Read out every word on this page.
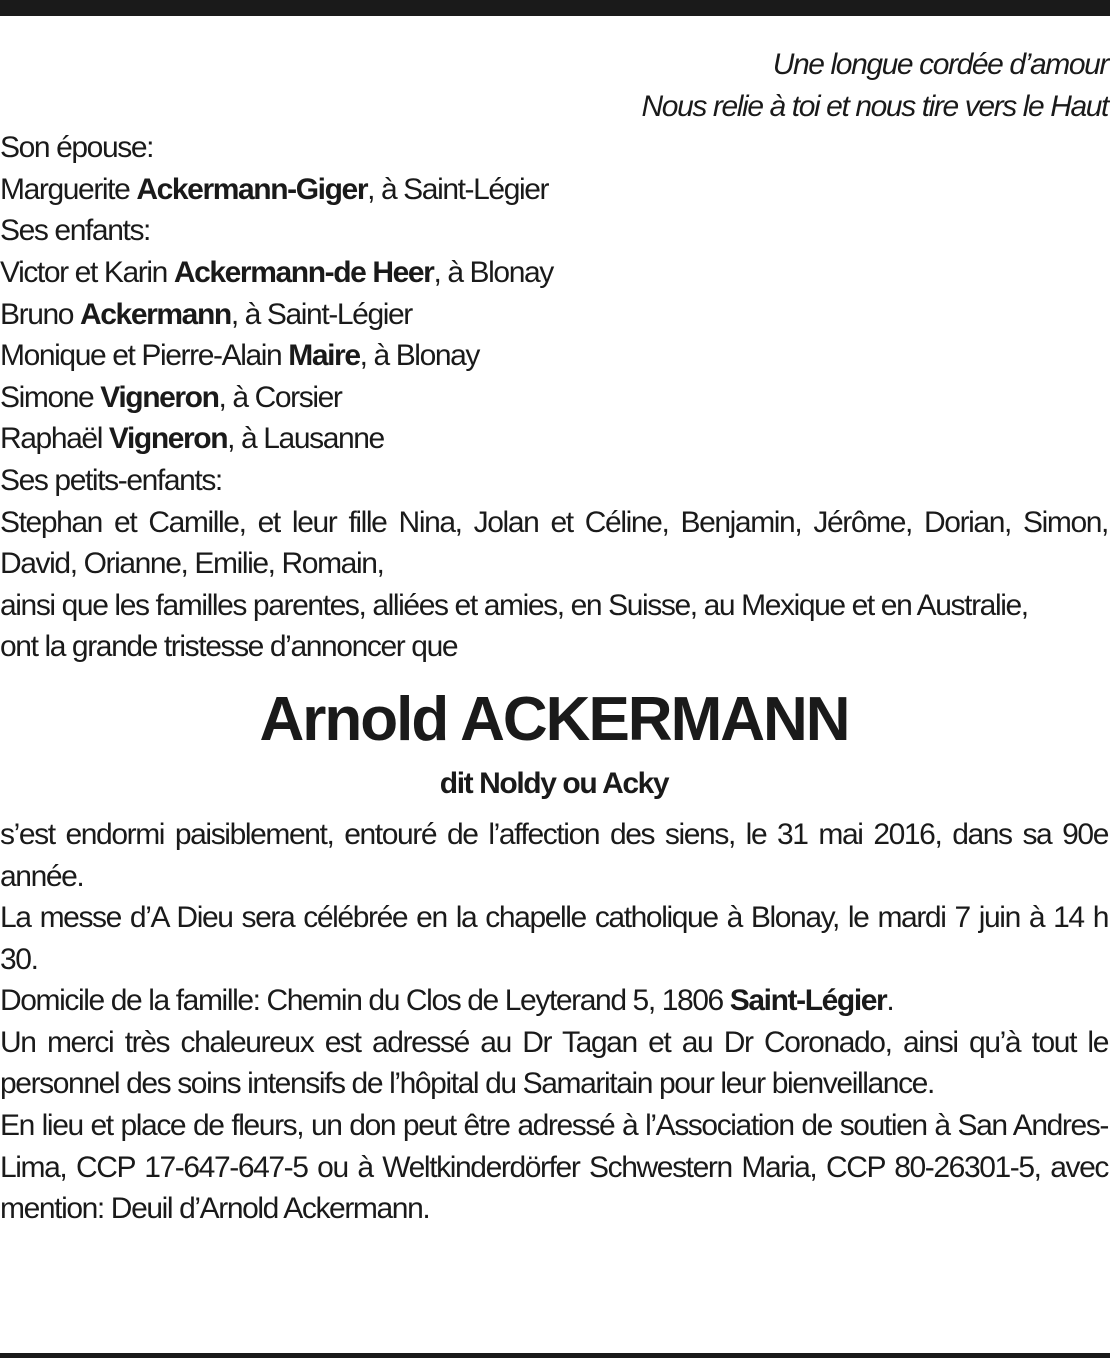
Une longue cordée d’amour
Nous relie à toi et nous tire vers le Haut
Son épouse:
Marguerite Ackermann-Giger, à Saint-Légier
Ses enfants:
Victor et Karin Ackermann-de Heer, à Blonay
Bruno Ackermann, à Saint-Légier
Monique et Pierre-Alain Maire, à Blonay
Simone Vigneron, à Corsier
Raphaël Vigneron, à Lausanne
Ses petits-enfants:
Stephan et Camille, et leur fille Nina, Jolan et Céline, Benjamin, Jérôme, Dorian, Simon, David, Orianne, Emilie, Romain,
ainsi que les familles parentes, alliées et amies, en Suisse, au Mexique et en Australie,
ont la grande tristesse d’annoncer que
Arnold ACKERMANN
dit Noldy ou Acky
s’est endormi paisiblement, entouré de l’affection des siens, le 31 mai 2016, dans sa 90e année.
La messe d’A Dieu sera célébrée en la chapelle catholique à Blonay, le mardi 7 juin à 14 h 30.
Domicile de la famille: Chemin du Clos de Leyterand 5, 1806 Saint-Légier.
Un merci très chaleureux est adressé au Dr Tagan et au Dr Coronado, ainsi qu’à tout le personnel des soins intensifs de l’hôpital du Samaritain pour leur bienveillance.
En lieu et place de fleurs, un don peut être adressé à l’Association de soutien à San Andres-Lima, CCP 17-647-647-5 ou à Weltkinderdörfer Schwestern Maria, CCP 80-26301-5, avec mention: Deuil d’Arnold Ackermann.
